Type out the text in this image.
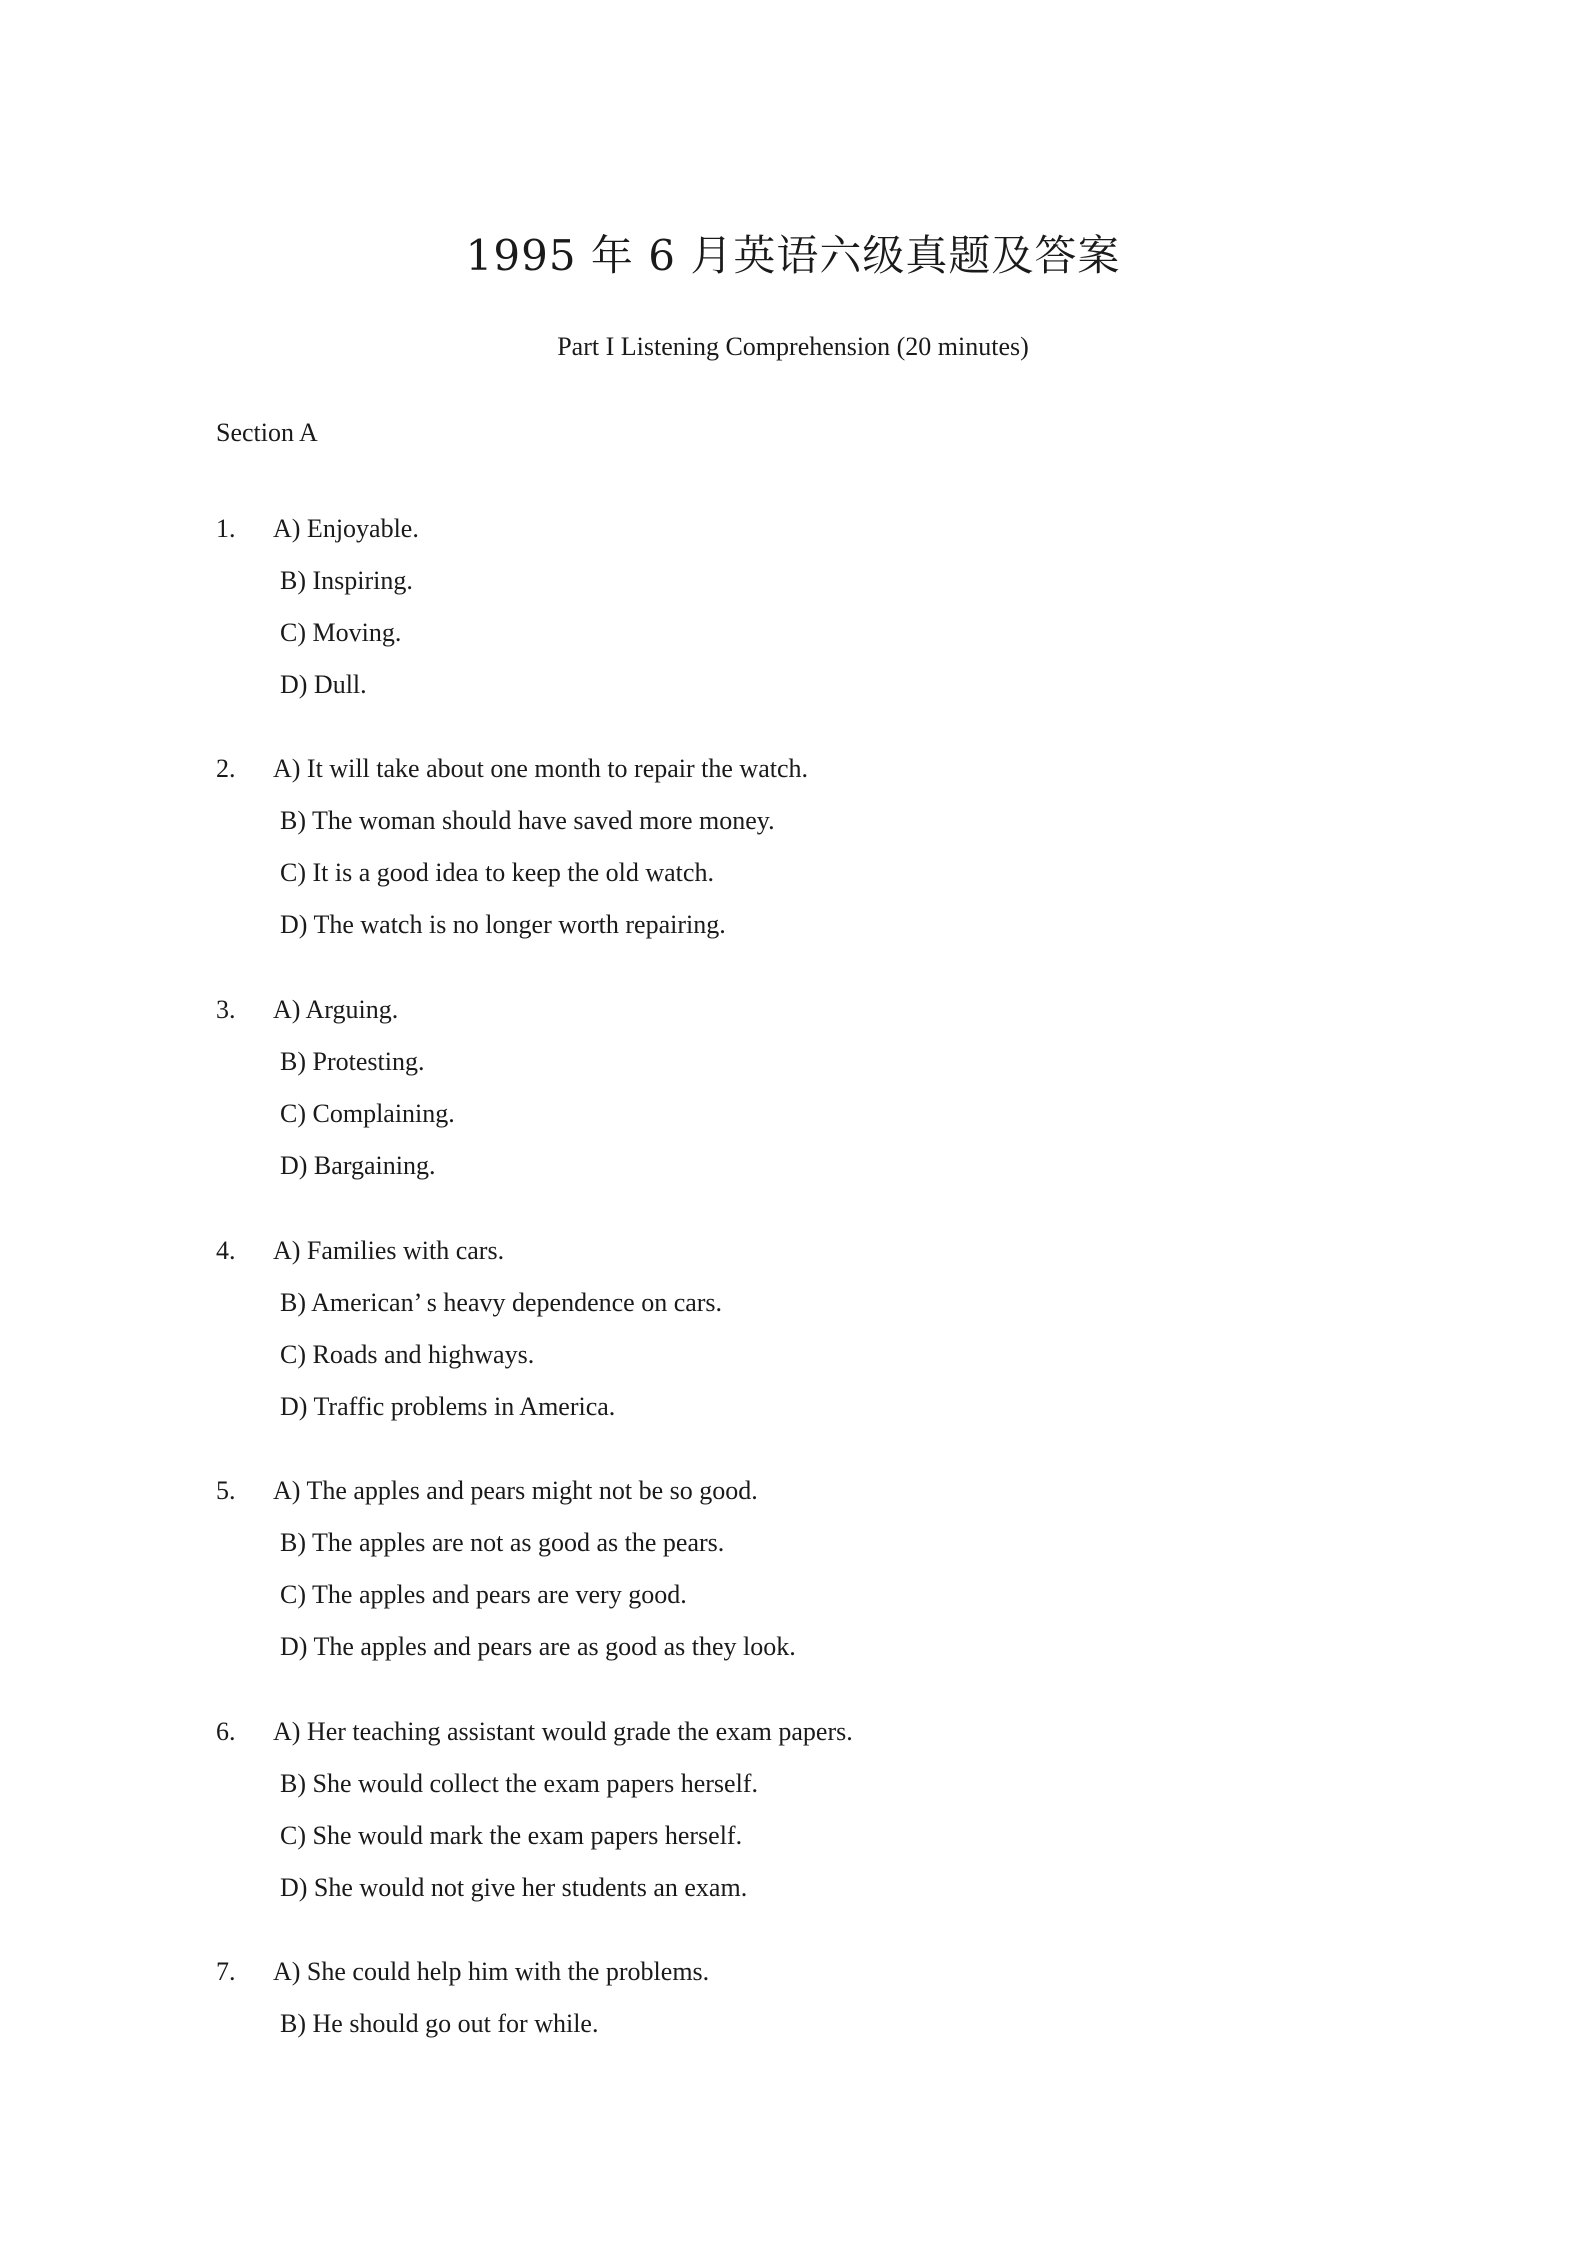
1995 年 6 月英语六级真题及答案
Part I Listening Comprehension (20 minutes)
Section A
1. A) Enjoyable.
B) Inspiring.
C) Moving.
D) Dull.
2. A) It will take about one month to repair the watch.
B) The woman should have saved more money.
C) It is a good idea to keep the old watch.
D) The watch is no longer worth repairing.
3. A) Arguing.
B) Protesting.
C) Complaining.
D) Bargaining.
4. A) Families with cars.
B) American’ s heavy dependence on cars.
C) Roads and highways.
D) Traffic problems in America.
5. A) The apples and pears might not be so good.
B) The apples are not as good as the pears.
C) The apples and pears are very good.
D) The apples and pears are as good as they look.
6. A) Her teaching assistant would grade the exam papers.
B) She would collect the exam papers herself.
C) She would mark the exam papers herself.
D) She would not give her students an exam.
7. A) She could help him with the problems.
B) He should go out for while.
